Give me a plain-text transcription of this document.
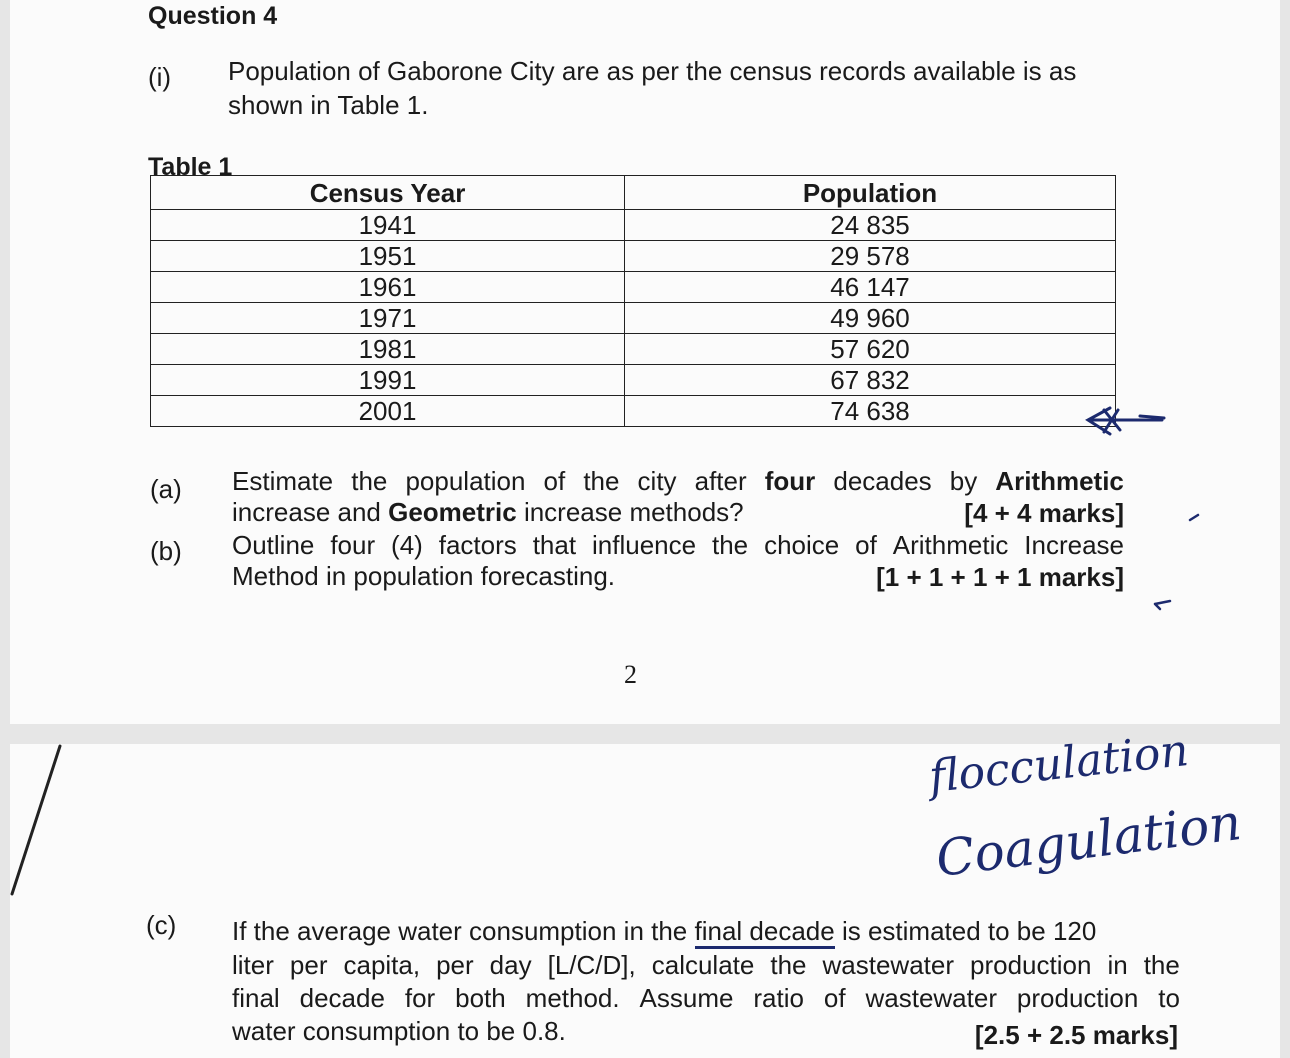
Question 4
(i) Population of Gaborone City are as per the census records available is as
shown in Table 1.
Table 1
Census Year	Population
1941	24 835
1951	29 578
1961	46 147
1971	49 960
1981	57 620
1991	67 832
2001	74 638
(a) Estimate the population of the city after four decades by Arithmetic
increase and Geometric increase methods?	[4 + 4 marks]
(b) Outline four (4) factors that influence the choice of Arithmetic Increase
Method in population forecasting.	[1 + 1 + 1 + 1 marks]
2
flocculation
Coagulation
(c) If the average water consumption in the final decade is estimated to be 120
liter per capita, per day [L/C/D], calculate the wastewater production in the
final decade for both method. Assume ratio of wastewater production to
water consumption to be 0.8.	[2.5 + 2.5 marks]
